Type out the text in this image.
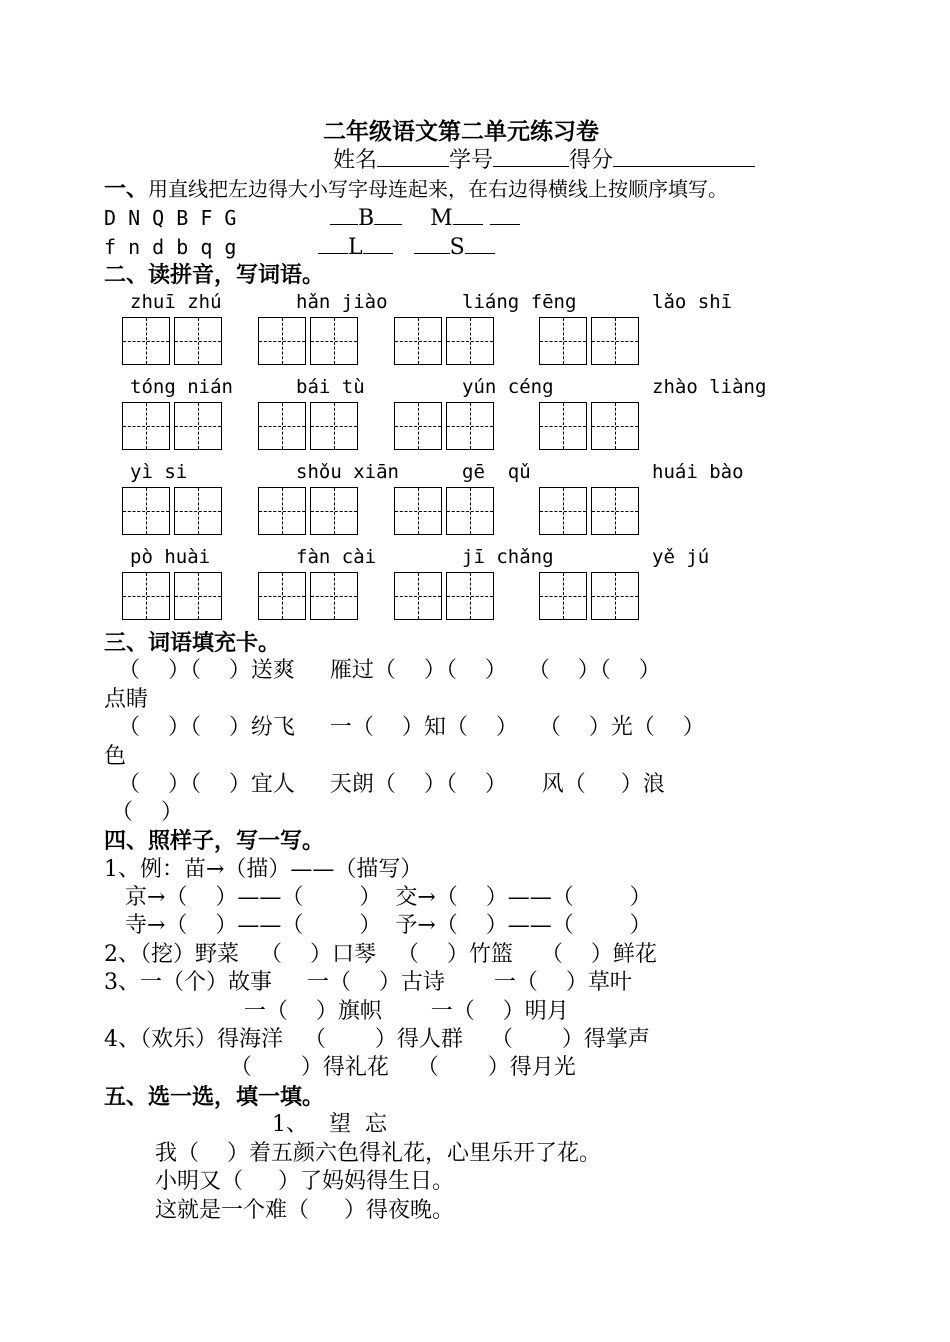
二年级语文第二单元练习卷
姓名	学号	得分
一、用直线把左边得大小写字母连起来，在右边得横线上按顺序填写。
D N Q B F G	B	M
f n d b q g	L	S
二、读拼音，写词语。
zhuī zhú	hǎn jiào	liáng fēng	lǎo shī
tóng nián	bái tù	yún céng	zhào liàng
yì si	shǒu xiān	gē  qǔ	huái bào
pò huài	fàn cài	jī chǎng	yě jú
三、词语填充卡。
（    ）（    ）送爽     雁过（    ）（    ）   （    ）（    ）
点睛
（    ）（    ）纷飞     一（    ）知（    ）   （    ）光（    ）
色
（    ）（    ）宜人     天朗（    ）（    ）     风（     ）浪
（    ）
四、照样子，写一写。
1、例：苗→（描）——（描写）
京→（    ）——（        ）  交→（    ）——（        ）
寺→（    ）——（        ）  予→（    ）——（        ）
2、（挖）野菜   （    ）口琴   （    ）竹篮    （    ）鲜花
3、一（个）故事     一（    ）古诗       一（    ）草叶
一（    ）旗帜       一（    ）明月
4、（欢乐）得海洋   （       ）得人群    （       ）得掌声
（       ）得礼花    （       ）得月光
五、选一选，填一填。
1、   望  忘
我（    ）着五颜六色得礼花，心里乐开了花。
小明又（     ）了妈妈得生日。
这就是一个难（     ）得夜晚。
